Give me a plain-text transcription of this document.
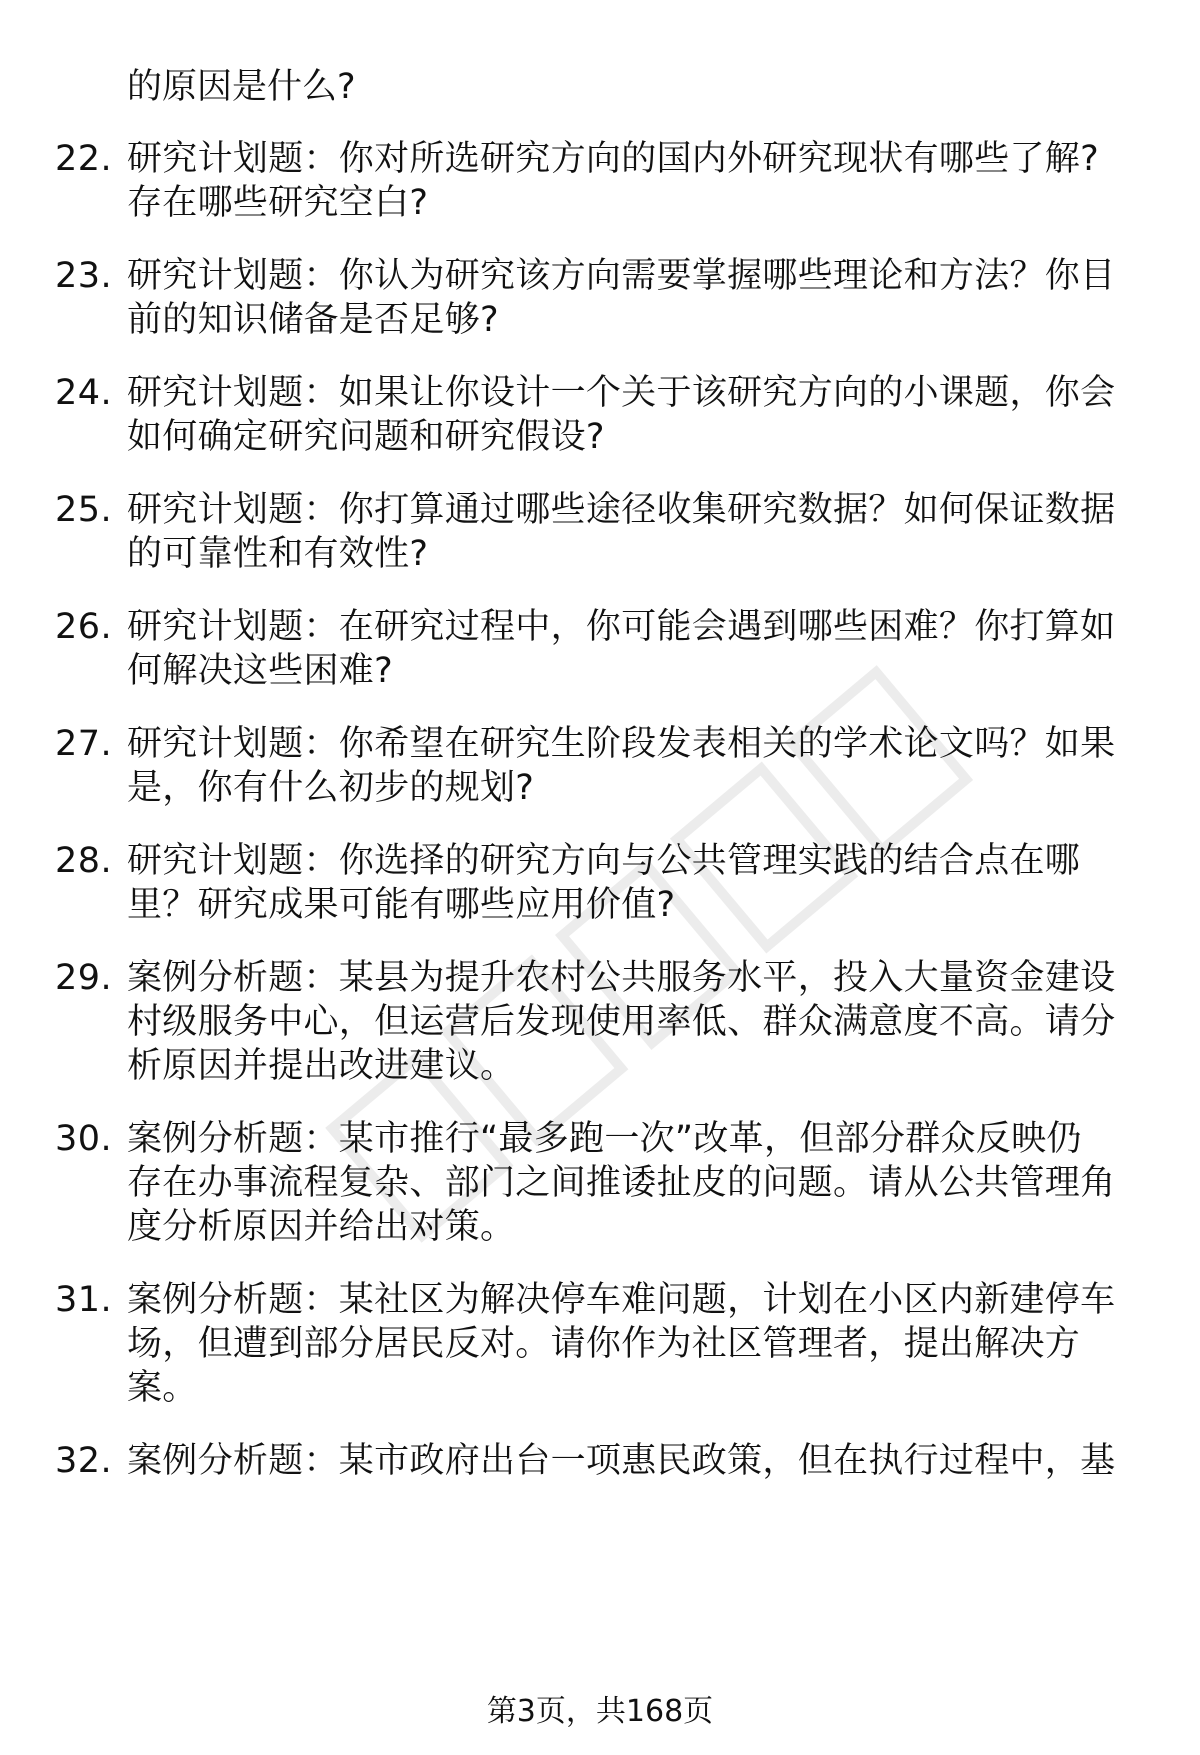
的原因是什么?
22. 研究计划题：你对所选研究方向的国内外研究现状有哪些了解?
存在哪些研究空白?
23. 研究计划题：你认为研究该方向需要掌握哪些理论和方法？你目
前的知识储备是否足够?
24. 研究计划题：如果让你设计一个关于该研究方向的小课题，你会
如何确定研究问题和研究假设?
25. 研究计划题：你打算通过哪些途径收集研究数据？如何保证数据
的可靠性和有效性?
26. 研究计划题：在研究过程中，你可能会遇到哪些困难？你打算如
何解决这些困难?
27. 研究计划题：你希望在研究生阶段发表相关的学术论文吗？如果
是，你有什么初步的规划?
28. 研究计划题：你选择的研究方向与公共管理实践的结合点在哪
里？研究成果可能有哪些应用价值?
29. 案例分析题：某县为提升农村公共服务水平，投入大量资金建设
村级服务中心，但运营后发现使用率低、群众满意度不高。请分
析原因并提出改进建议。
30. 案例分析题：某市推行“最多跑一次”改革，但部分群众反映仍
存在办事流程复杂、部门之间推诿扯皮的问题。请从公共管理角
度分析原因并给出对策。
31. 案例分析题：某社区为解决停车难问题，计划在小区内新建停车
场，但遭到部分居民反对。请你作为社区管理者，提出解决方
案。
32. 案例分析题：某市政府出台一项惠民政策，但在执行过程中，基
第3页，共168页
